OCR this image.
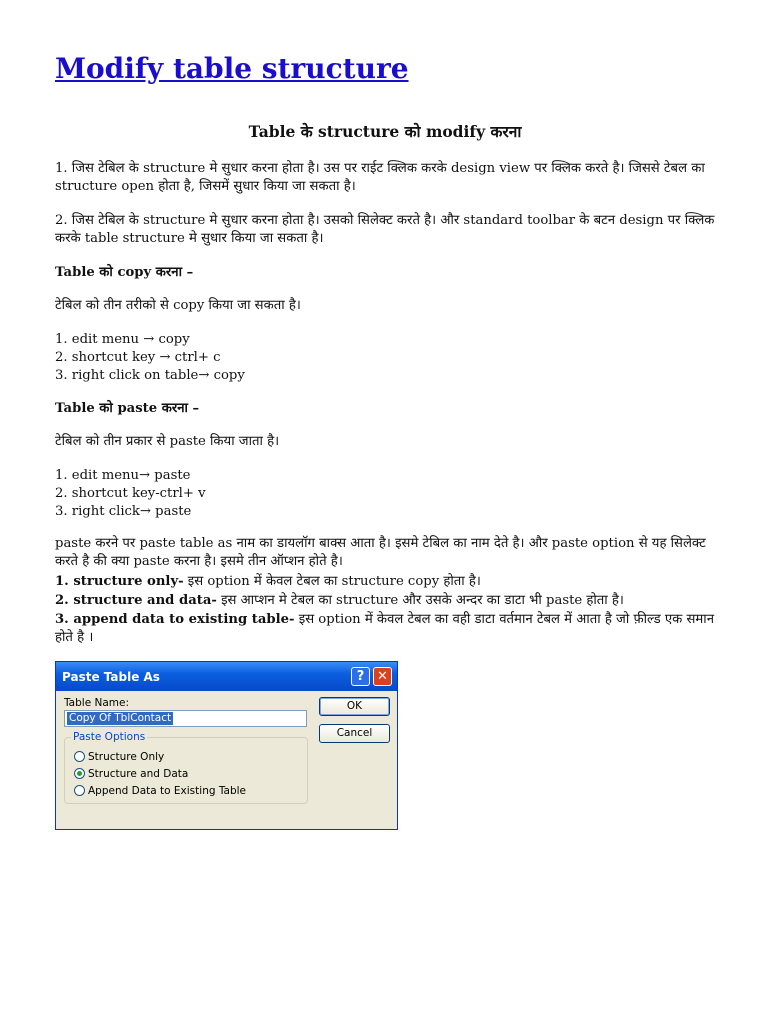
Modify table structure
Table के structure को modify करना

1. जिस टेबिल के structure मे सुधार करना होता है। उस पर राईट क्लिक करके design view पर क्लिक करते है। जिससे टेबल का structure open होता है, जिसमें सुधार किया जा सकता है।

2. जिस टेबिल के structure मे सुधार करना होता है। उसको सिलेक्ट करते है। और standard toolbar के बटन design पर क्लिक करके table structure मे सुधार किया जा सकता है।

Table को copy करना –

टेबिल को तीन तरीको से copy किया जा सकता है।

1. edit menu → copy
2. shortcut key → ctrl+ c
3. right click on table→ copy

Table को paste करना –

टेबिल को तीन प्रकार से paste किया जाता है।

1. edit menu→ paste
2. shortcut key-ctrl+ v
3. right click→ paste

paste करने पर paste table as नाम का डायलॉग बाक्स आता है। इसमे टेबिल का नाम देते है। और paste option से यह सिलेक्ट करते है की क्या paste करना है। इसमे तीन ऑप्शन होते है।

1. structure only- इस option में केवल टेबल का structure copy होता है।

2. structure and data- इस आप्शन मे टेबल का structure और उसके अन्दर का डाटा भी paste होता है।

3. append data to existing table- इस option में केवल टेबल का वही डाटा वर्तमान टेबल में आता है जो फ़ील्ड एक समान होते है ।

Paste Table As	? ✕
Table Name:
Copy Of TblContact
Paste Options
Structure Only
Structure and Data
Append Data to Existing Table
OK
Cancel
